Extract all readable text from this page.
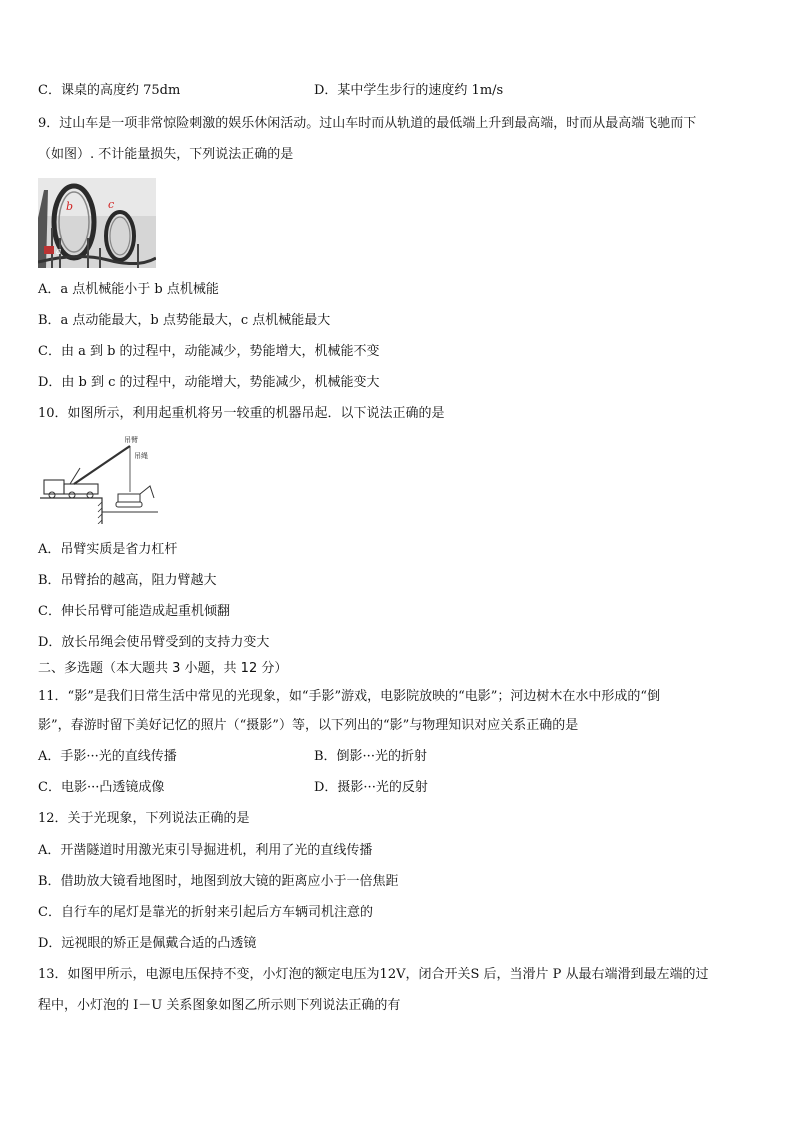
C．课桌的高度约 75dm	D．某中学生步行的速度约 1m/s
9．过山车是一项非常惊险刺激的娱乐休闲活动。过山车时而从轨道的最低端上升到最高端，时而从最高端飞驰而下
（如图）. 不计能量损失，下列说法正确的是
b	c
a
A．a 点机械能小于 b 点机械能
B．a 点动能最大，b 点势能最大，c 点机械能最大
C．由 a 到 b 的过程中，动能减少，势能增大，机械能不变
D．由 b 到 c 的过程中，动能增大，势能减少，机械能变大
10．如图所示，利用起重机将另一较重的机器吊起．以下说法正确的是
吊臂
吊绳
A．吊臂实质是省力杠杆
B．吊臂抬的越高，阻力臂越大
C．伸长吊臂可能造成起重机倾翻
D．放长吊绳会使吊臂受到的支持力变大
二、多选题（本大题共 3 小题，共 12 分）
11．“影”是我们日常生活中常见的光现象，如“手影”游戏，电影院放映的“电影”；河边树木在水中形成的“倒
影”，春游时留下美好记忆的照片（“摄影”）等，以下列出的“影”与物理知识对应关系正确的是
A．手影···光的直线传播	B．倒影···光的折射
C．电影···凸透镜成像	D．摄影···光的反射
12．关于光现象，下列说法正确的是
A．开凿隧道时用激光束引导掘进机，利用了光的直线传播
B．借助放大镜看地图时，地图到放大镜的距离应小于一倍焦距
C．自行车的尾灯是靠光的折射来引起后方车辆司机注意的
D．远视眼的矫正是佩戴合适的凸透镜
13．如图甲所示，电源电压保持不变，小灯泡的额定电压为12V，闭合开关S 后，当滑片 P 从最右端滑到最左端的过
程中，小灯泡的 I－U 关系图象如图乙所示则下列说法正确的有
